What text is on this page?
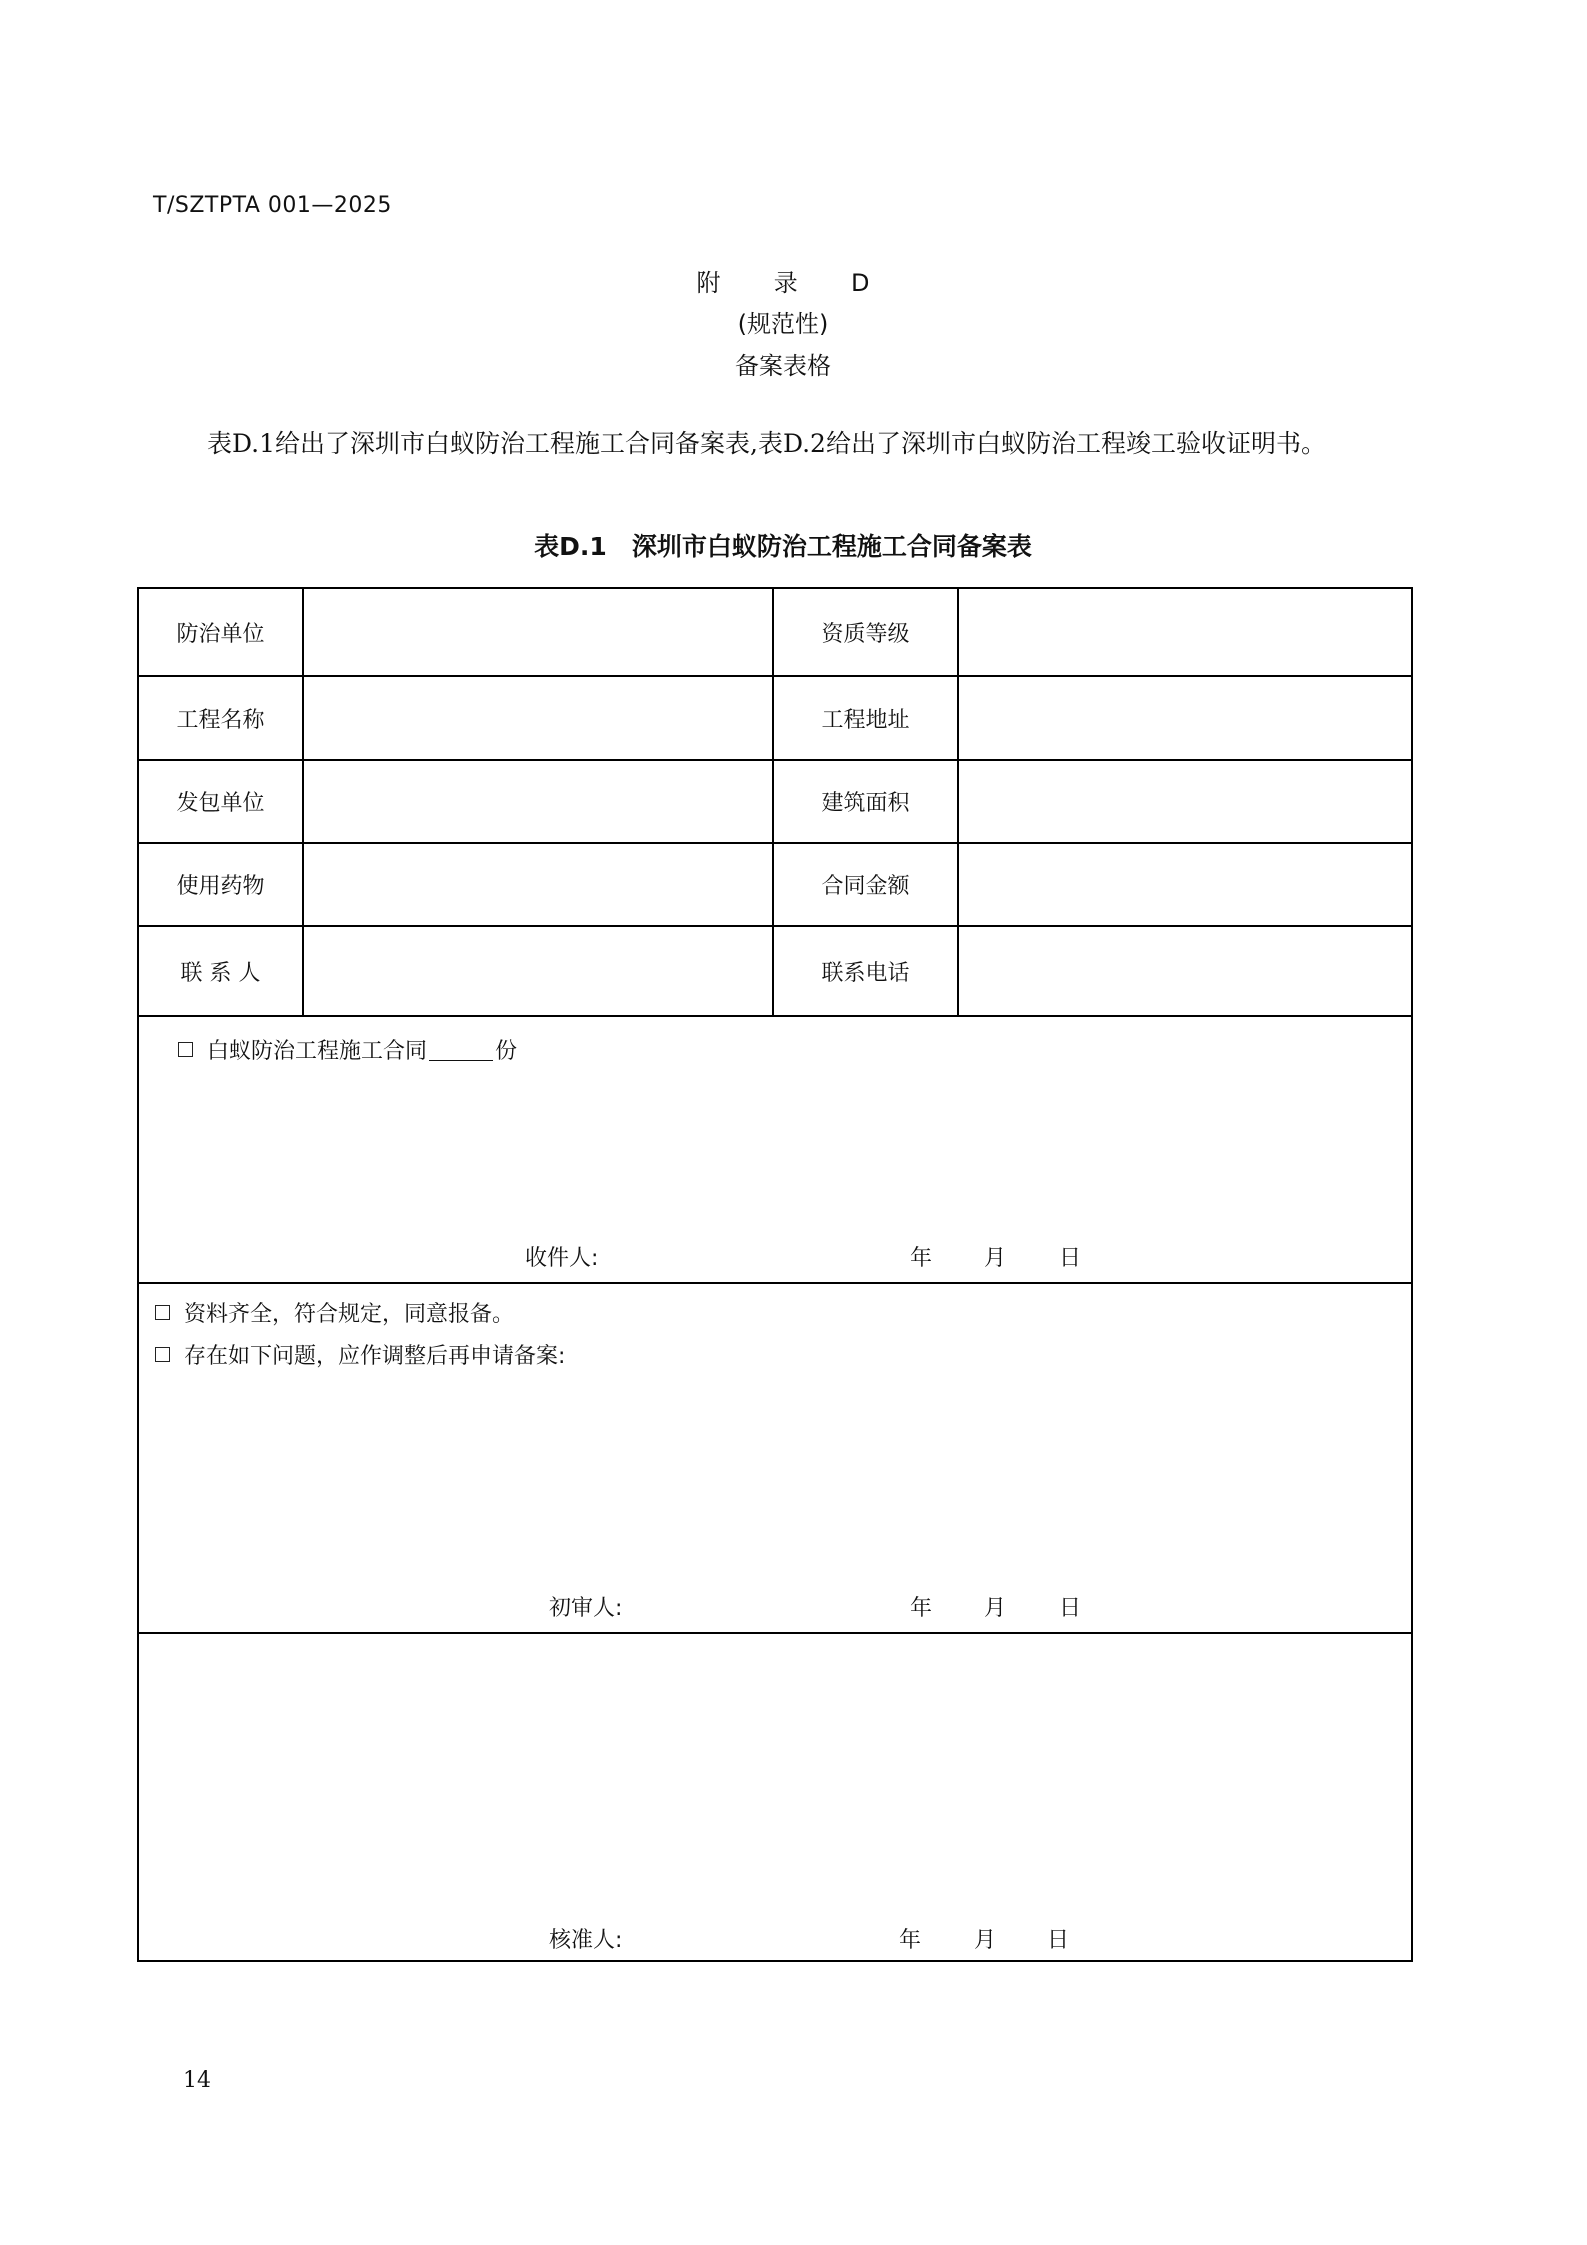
T/SZTPTA 001—2025
附 录 D
(规范性)
备案表格
表D.1给出了深圳市白蚁防治工程施工合同备案表,表D.2给出了深圳市白蚁防治工程竣工验收证明书。
表D.1　深圳市白蚁防治工程施工合同备案表
防治单位	资质等级
工程名称	工程地址
发包单位	建筑面积
使用药物	合同金额
联 系 人	联系电话
白蚁防治工程施工合同	份
收件人:	年 月 日
资料齐全，符合规定，同意报备。
存在如下问题，应作调整后再申请备案:
初审人:	年 月 日
核准人:	年 月 日
14
